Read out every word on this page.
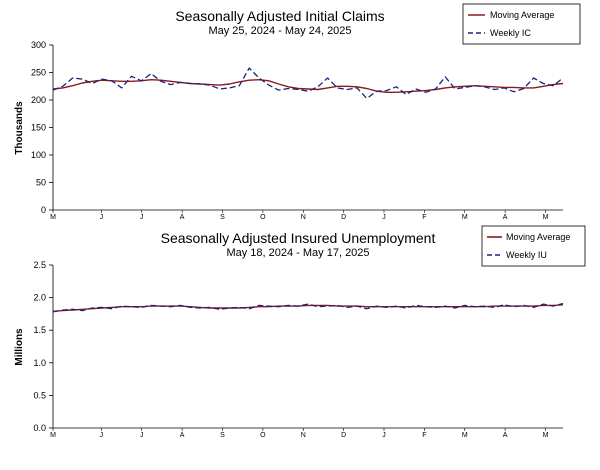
Seasonally Adjusted Initial Claims
May 25, 2024 - May 24, 2025
Thousands
Moving Average
Weekly IC
0
50
100
150
200
250
300
M	J	J	A	S	O	N	D	J	F	M	A	M
Seasonally Adjusted Insured Unemployment
May 18, 2024 - May 17, 2025
Millions
Moving Average
Weekly IU
0.0
0.5
1.0
1.5
2.0
2.5
M	J	J	A	S	O	N	D	J	F	M	A	M
